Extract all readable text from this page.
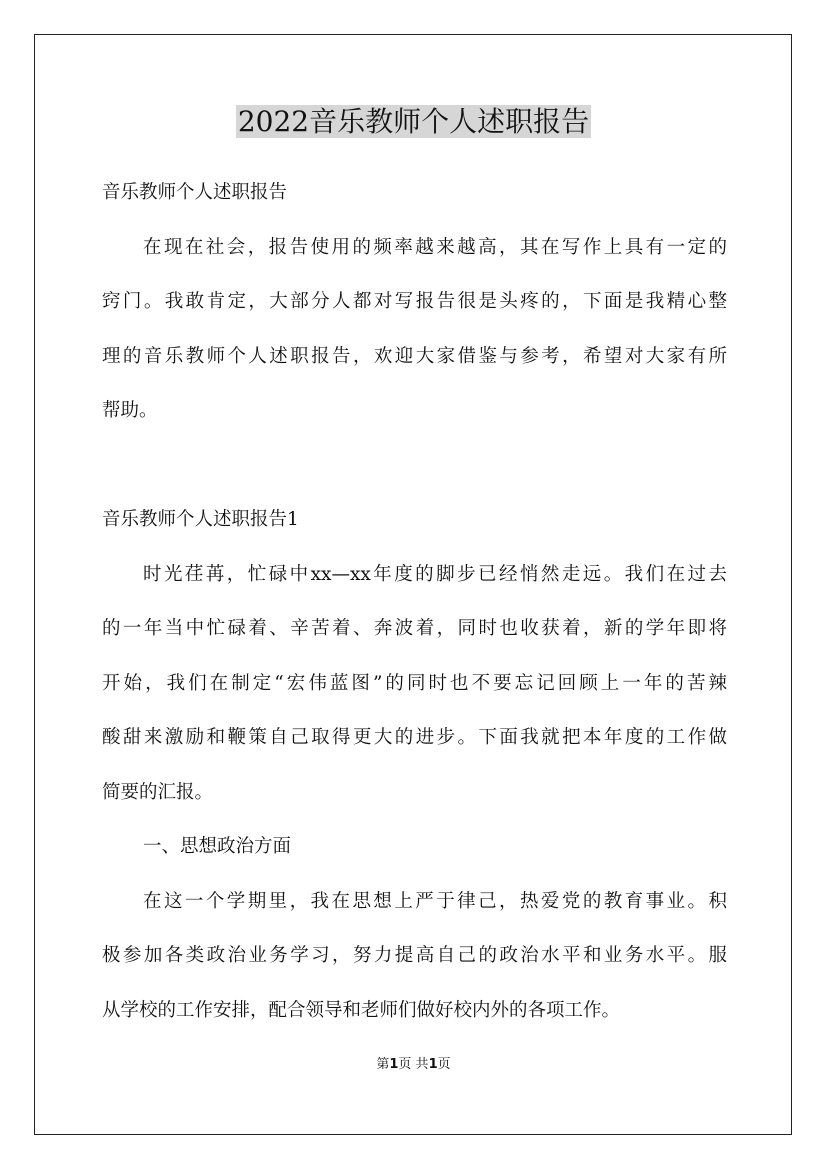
2022音乐教师个人述职报告
音乐教师个人述职报告
在现在社会，报告使用的频率越来越高，其在写作上具有一定的
窍门。我敢肯定，大部分人都对写报告很是头疼的，下面是我精心整
理的音乐教师个人述职报告，欢迎大家借鉴与参考，希望对大家有所
帮助。
音乐教师个人述职报告1
时光荏苒，忙碌中xx—xx年度的脚步已经悄然走远。我们在过去
的一年当中忙碌着、辛苦着、奔波着，同时也收获着，新的学年即将
开始，我们在制定“宏伟蓝图”的同时也不要忘记回顾上一年的苦辣
酸甜来激励和鞭策自己取得更大的进步。下面我就把本年度的工作做
简要的汇报。
一、思想政治方面
在这一个学期里，我在思想上严于律己，热爱党的教育事业。积
极参加各类政治业务学习，努力提高自己的政治水平和业务水平。服
从学校的工作安排，配合领导和老师们做好校内外的各项工作。
第1页 共1页
